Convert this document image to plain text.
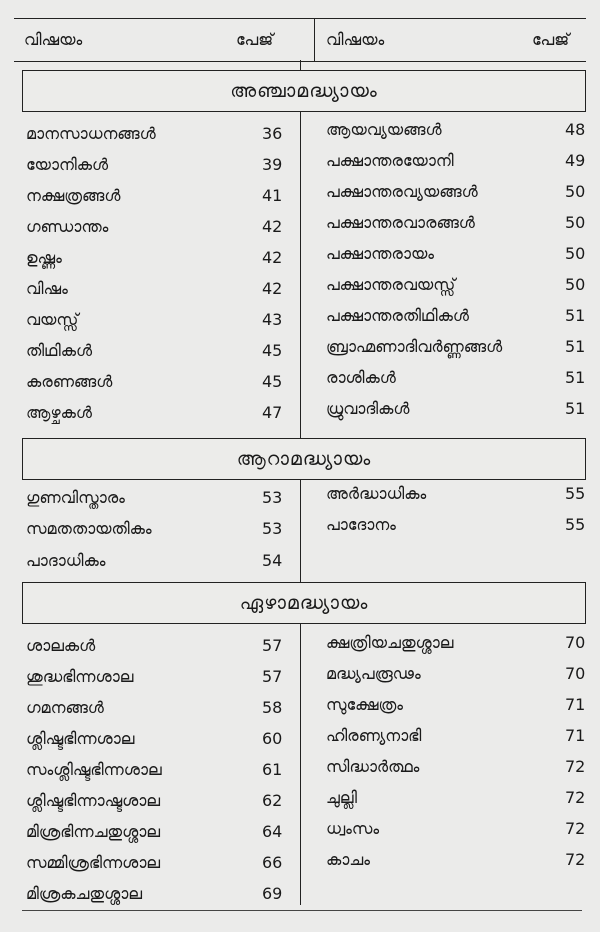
വിഷയം	പേജ്	വിഷയം	പേജ്
അഞ്ചാമദ്ധ്യായം
മാനസാധനങ്ങൾ	36
യോനികൾ	39
നക്ഷത്രങ്ങൾ	41
ഗണ്ഡാന്തം	42
ഉഷ്ണം	42
വിഷം	42
വയസ്സ്	43
തിഥികൾ	45
കരണങ്ങൾ	45
ആഴ്ചകൾ	47
ആയവ്യയങ്ങൾ	48
പക്ഷാന്തരയോനി	49
പക്ഷാന്തരവ്യയങ്ങൾ	50
പക്ഷാന്തരവാരങ്ങൾ	50
പക്ഷാന്തരായം	50
പക്ഷാന്തരവയസ്സ്	50
പക്ഷാന്തരതിഥികൾ	51
ബ്രാഹ്മണാദിവർണ്ണങ്ങൾ	51
രാശികൾ	51
ധ്രുവാദികൾ	51
ആറാമദ്ധ്യായം
ഗുണവിസ്താരം	53
സമതതായതികം	53
പാദാധികം	54
അർദ്ധാധികം	55
പാദോനം	55
ഏഴാമദ്ധ്യായം
ശാലകൾ	57
ശുദ്ധഭിന്നശാല	57
ഗമനങ്ങൾ	58
ശ്ലിഷ്ടഭിന്നശാല	60
സംശ്ലിഷ്ടഭിന്നശാല	61
ശ്ലിഷ്ടഭിന്നാഷ്ടശാല	62
മിശ്രഭിന്നചതുശ്ശാല	64
സമ്മിശ്രഭിന്നശാല	66
മിശ്രകചതുശ്ശാല	69
ക്ഷത്രിയചതുശ്ശാല	70
മദ്ധ്യപരൂഢം	70
സുക്ഷേത്രം	71
ഹിരണ്യനാഭി	71
സിദ്ധാർത്ഥം	72
ചുല്ലി	72
ധ്വംസം	72
കാചം	72
